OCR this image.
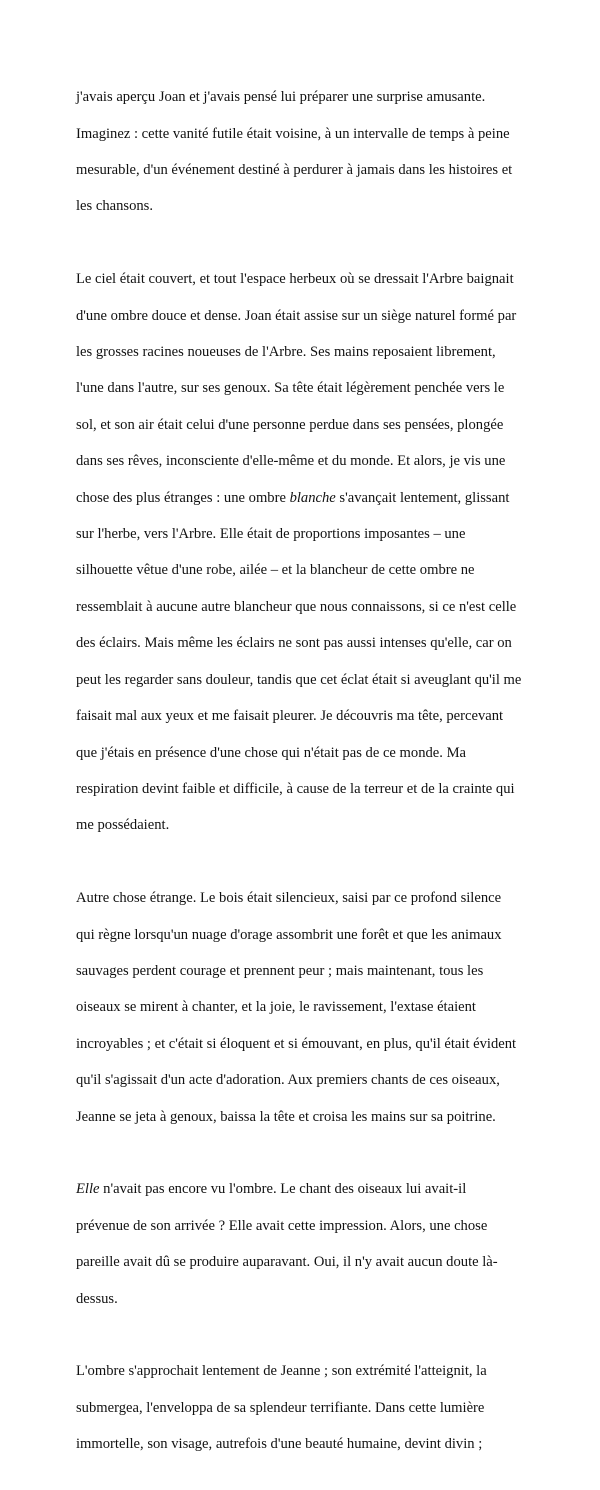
j'avais aperçu Joan et j'avais pensé lui préparer une surprise amusante.

Imaginez : cette vanité futile était voisine, à un intervalle de temps à peine

mesurable, d'un événement destiné à perdurer à jamais dans les histoires et

les chansons.

Le ciel était couvert, et tout l'espace herbeux où se dressait l'Arbre baignait

d'une ombre douce et dense. Joan était assise sur un siège naturel formé par

les grosses racines noueuses de l'Arbre. Ses mains reposaient librement,

l'une dans l'autre, sur ses genoux. Sa tête était légèrement penchée vers le

sol, et son air était celui d'une personne perdue dans ses pensées, plongée

dans ses rêves, inconsciente d'elle-même et du monde. Et alors, je vis une

chose des plus étranges : une ombre blanche s'avançait lentement, glissant

sur l'herbe, vers l'Arbre. Elle était de proportions imposantes – une

silhouette vêtue d'une robe, ailée – et la blancheur de cette ombre ne

ressemblait à aucune autre blancheur que nous connaissons, si ce n'est celle

des éclairs. Mais même les éclairs ne sont pas aussi intenses qu'elle, car on

peut les regarder sans douleur, tandis que cet éclat était si aveuglant qu'il me

faisait mal aux yeux et me faisait pleurer. Je découvris ma tête, percevant

que j'étais en présence d'une chose qui n'était pas de ce monde. Ma

respiration devint faible et difficile, à cause de la terreur et de la crainte qui

me possédaient.

Autre chose étrange. Le bois était silencieux, saisi par ce profond silence

qui règne lorsqu'un nuage d'orage assombrit une forêt et que les animaux

sauvages perdent courage et prennent peur ; mais maintenant, tous les

oiseaux se mirent à chanter, et la joie, le ravissement, l'extase étaient

incroyables ; et c'était si éloquent et si émouvant, en plus, qu'il était évident

qu'il s'agissait d'un acte d'adoration. Aux premiers chants de ces oiseaux,

Jeanne se jeta à genoux, baissa la tête et croisa les mains sur sa poitrine.

Elle n'avait pas encore vu l'ombre. Le chant des oiseaux lui avait-il

prévenue de son arrivée ? Elle avait cette impression. Alors, une chose

pareille avait dû se produire auparavant. Oui, il n'y avait aucun doute là-

dessus.

L'ombre s'approchait lentement de Jeanne ; son extrémité l'atteignit, la

submergea, l'enveloppa de sa splendeur terrifiante. Dans cette lumière

immortelle, son visage, autrefois d'une beauté humaine, devint divin ;
